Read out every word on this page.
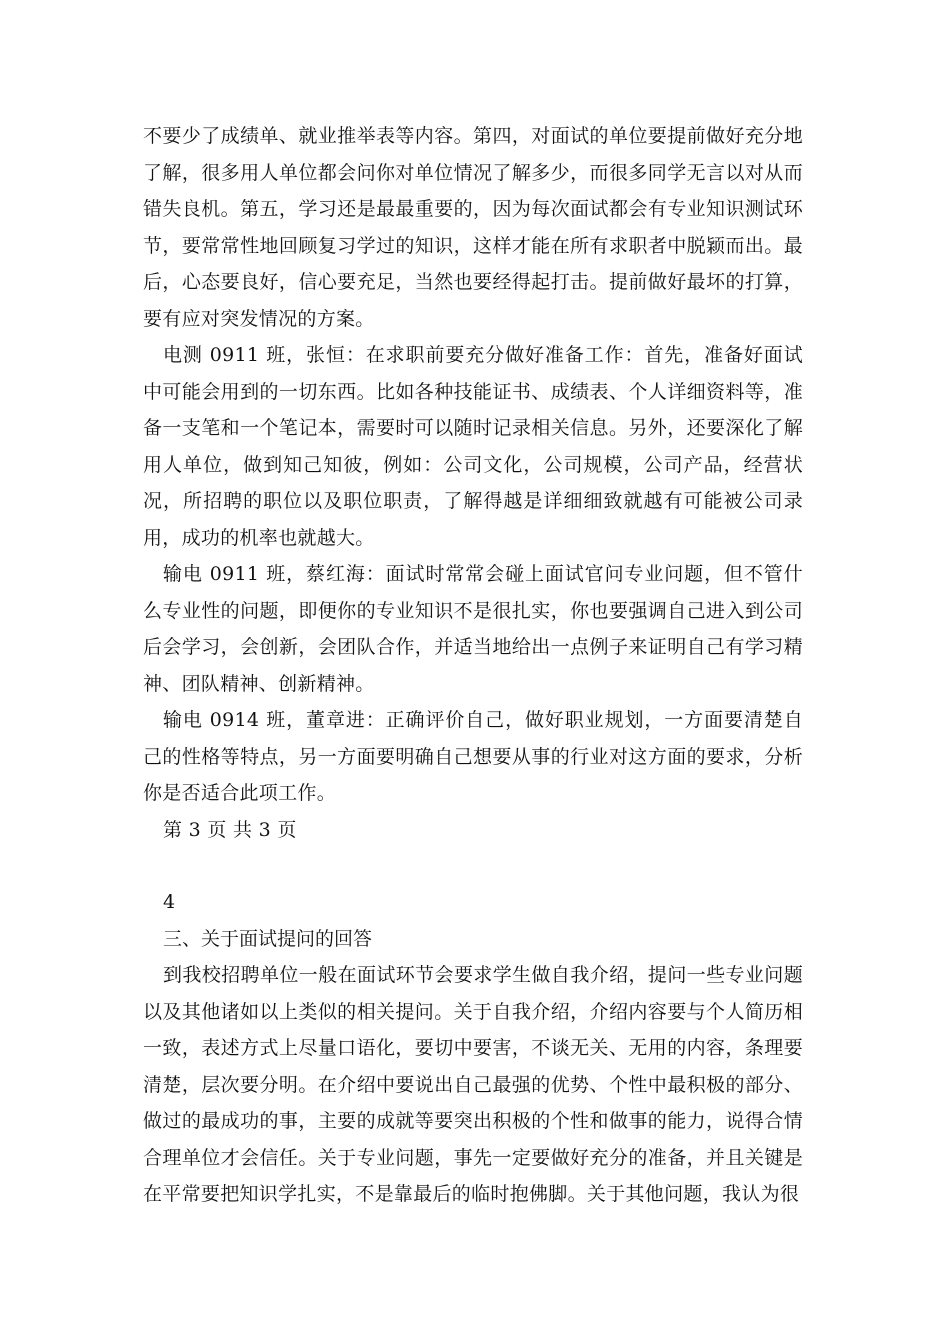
不要少了成绩单、就业推举表等内容。第四，对面试的单位要提前做好充分地了解，很多用人单位都会问你对单位情况了解多少，而很多同学无言以对从而错失良机。第五，学习还是最最重要的，因为每次面试都会有专业知识测试环节，要常常性地回顾复习学过的知识，这样才能在所有求职者中脱颖而出。最后，心态要良好，信心要充足，当然也要经得起打击。提前做好最坏的打算，要有应对突发情况的方案。

电测 0911 班，张恒：在求职前要充分做好准备工作：首先，准备好面试中可能会用到的一切东西。比如各种技能证书、成绩表、个人详细资料等，准备一支笔和一个笔记本，需要时可以随时记录相关信息。另外，还要深化了解用人单位，做到知己知彼，例如：公司文化，公司规模，公司产品，经营状况，所招聘的职位以及职位职责，了解得越是详细细致就越有可能被公司录用，成功的机率也就越大。

输电 0911 班，蔡红海：面试时常常会碰上面试官问专业问题，但不管什么专业性的问题，即便你的专业知识不是很扎实，你也要强调自己进入到公司后会学习，会创新，会团队合作，并适当地给出一点例子来证明自己有学习精神、团队精神、创新精神。

输电 0914 班，董章进：正确评价自己，做好职业规划，一方面要清楚自己的性格等特点，另一方面要明确自己想要从事的行业对这方面的要求，分析你是否适合此项工作。

第 3 页 共 3 页

4

三、关于面试提问的回答

到我校招聘单位一般在面试环节会要求学生做自我介绍，提问一些专业问题以及其他诸如以上类似的相关提问。关于自我介绍，介绍内容要与个人简历相一致，表述方式上尽量口语化，要切中要害，不谈无关、无用的内容，条理要清楚，层次要分明。在介绍中要说出自己最强的优势、个性中最积极的部分、做过的最成功的事，主要的成就等要突出积极的个性和做事的能力，说得合情合理单位才会信任。关于专业问题，事先一定要做好充分的准备，并且关键是在平常要把知识学扎实，不是靠最后的临时抱佛脚。关于其他问题，我认为很
